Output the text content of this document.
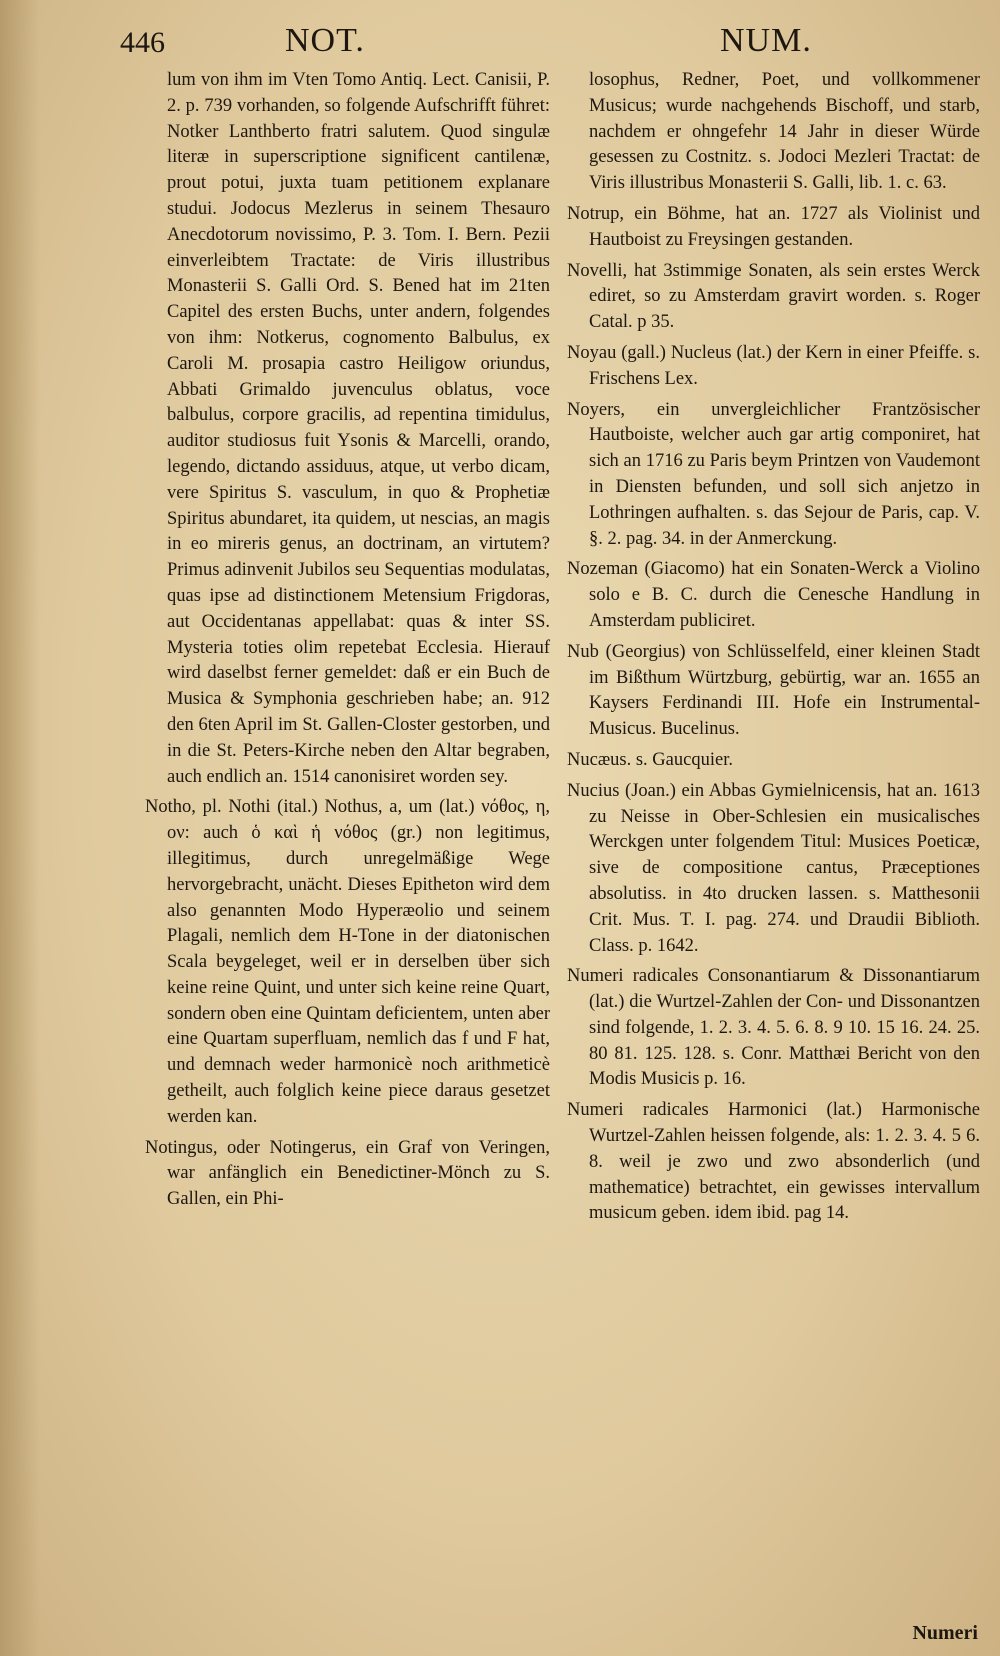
446	NOT.	NUM.

lum von ihm im Vten Tomo Antiq. Lect. Canisii, P. 2. p. 739 vorhanden, so folgende Aufschrifft führet: Notker Lanthberto fratri salutem. Quod singulæ literæ in superscriptione significent cantilenæ, prout potui, juxta tuam petitionem explanare studui. Jodocus Mezlerus in seinem Thesauro Anecdotorum novissimo, P. 3. Tom. I. Bern. Pezii einverleibtem Tractate: de Viris illustribus Monasterii S. Galli Ord. S. Bened hat im 21ten Capitel des ersten Buchs, unter andern, folgendes von ihm: Notkerus, cognomento Balbulus, ex Caroli M. prosapia castro Heiligow oriundus, Abbati Grimaldo juvenculus oblatus, voce balbulus, corpore gracilis, ad repentina timidulus, auditor studiosus fuit Ysonis & Marcelli, orando, legendo, dictando assiduus, atque, ut verbo dicam, vere Spiritus S. vasculum, in quo & Prophetiæ Spiritus abundaret, ita quidem, ut nescias, an magis in eo mireris genus, an doctrinam, an virtutem? Primus adinvenit Jubilos seu Sequentias modulatas, quas ipse ad distinctionem Metensium Frigdoras, aut Occidentanas appellabat: quas & inter SS. Mysteria toties olim repetebat Ecclesia. Hierauf wird daselbst ferner gemeldet: daß er ein Buch de Musica & Symphonia geschrieben habe; an. 912 den 6ten April im St. Gallen-Closter gestorben, und in die St. Peters-Kirche neben den Altar begraben, auch endlich an. 1514 canonisiret worden sey.

Notho, pl. Nothi (ital.) Nothus, a, um (lat.) νόθος, η, ον: auch ὁ καὶ ἡ νόθος (gr.) non legitimus, illegitimus, durch unregelmäßige Wege hervorgebracht, unächt. Dieses Epitheton wird dem also genannten Modo Hyperæolio und seinem Plagali, nemlich dem H-Tone in der diatonischen Scala beygeleget, weil er in derselben über sich keine reine Quint, und unter sich keine reine Quart, sondern oben eine Quintam deficientem, unten aber eine Quartam superfluam, nemlich das f und F hat, und demnach weder harmonicè noch arithmeticè getheilt, auch folglich keine piece daraus gesetzet werden kan.

Notingus, oder Notingerus, ein Graf von Veringen, war anfänglich ein Benedictiner-Mönch zu S. Gallen, ein Phi-

losophus, Redner, Poet, und vollkommener Musicus; wurde nachgehends Bischoff, und starb, nachdem er ohngefehr 14 Jahr in dieser Würde gesessen zu Costnitz. s. Jodoci Mezleri Tractat: de Viris illustribus Monasterii S. Galli, lib. 1. c. 63.

Notrup, ein Böhme, hat an. 1727 als Violinist und Hautboist zu Freysingen gestanden.

Novelli, hat 3stimmige Sonaten, als sein erstes Werck ediret, so zu Amsterdam gravirt worden. s. Roger Catal. p 35.

Noyau (gall.) Nucleus (lat.) der Kern in einer Pfeiffe. s. Frischens Lex.

Noyers, ein unvergleichlicher Frantzösischer Hautboiste, welcher auch gar artig componiret, hat sich an 1716 zu Paris beym Printzen von Vaudemont in Diensten befunden, und soll sich anjetzo in Lothringen aufhalten. s. das Sejour de Paris, cap. V. §. 2. pag. 34. in der Anmerckung.

Nozeman (Giacomo) hat ein Sonaten-Werck a Violino solo e B. C. durch die Cenesche Handlung in Amsterdam publiciret.

Nub (Georgius) von Schlüsselfeld, einer kleinen Stadt im Bißthum Würtzburg, gebürtig, war an. 1655 an Kaysers Ferdinandi III. Hofe ein Instrumental-Musicus. Bucelinus.

Nucæus. s. Gaucquier.

Nucius (Joan.) ein Abbas Gymielnicensis, hat an. 1613 zu Neisse in Ober-Schlesien ein musicalisches Werckgen unter folgendem Titul: Musices Poeticæ, sive de compositione cantus, Præceptiones absolutiss. in 4to drucken lassen. s. Matthesonii Crit. Mus. T. I. pag. 274. und Draudii Biblioth. Class. p. 1642.

Numeri radicales Consonantiarum & Dissonantiarum (lat.) die Wurtzel-Zahlen der Con- und Dissonantzen sind folgende, 1. 2. 3. 4. 5. 6. 8. 9 10. 15 16. 24. 25. 80 81. 125. 128. s. Conr. Matthæi Bericht von den Modis Musicis p. 16.

Numeri radicales Harmonici (lat.) Harmonische Wurtzel-Zahlen heissen folgende, als: 1. 2. 3. 4. 5 6. 8. weil je zwo und zwo absonderlich (und mathematice) betrachtet, ein gewisses intervallum musicum geben. idem ibid. pag 14.

Numeri
